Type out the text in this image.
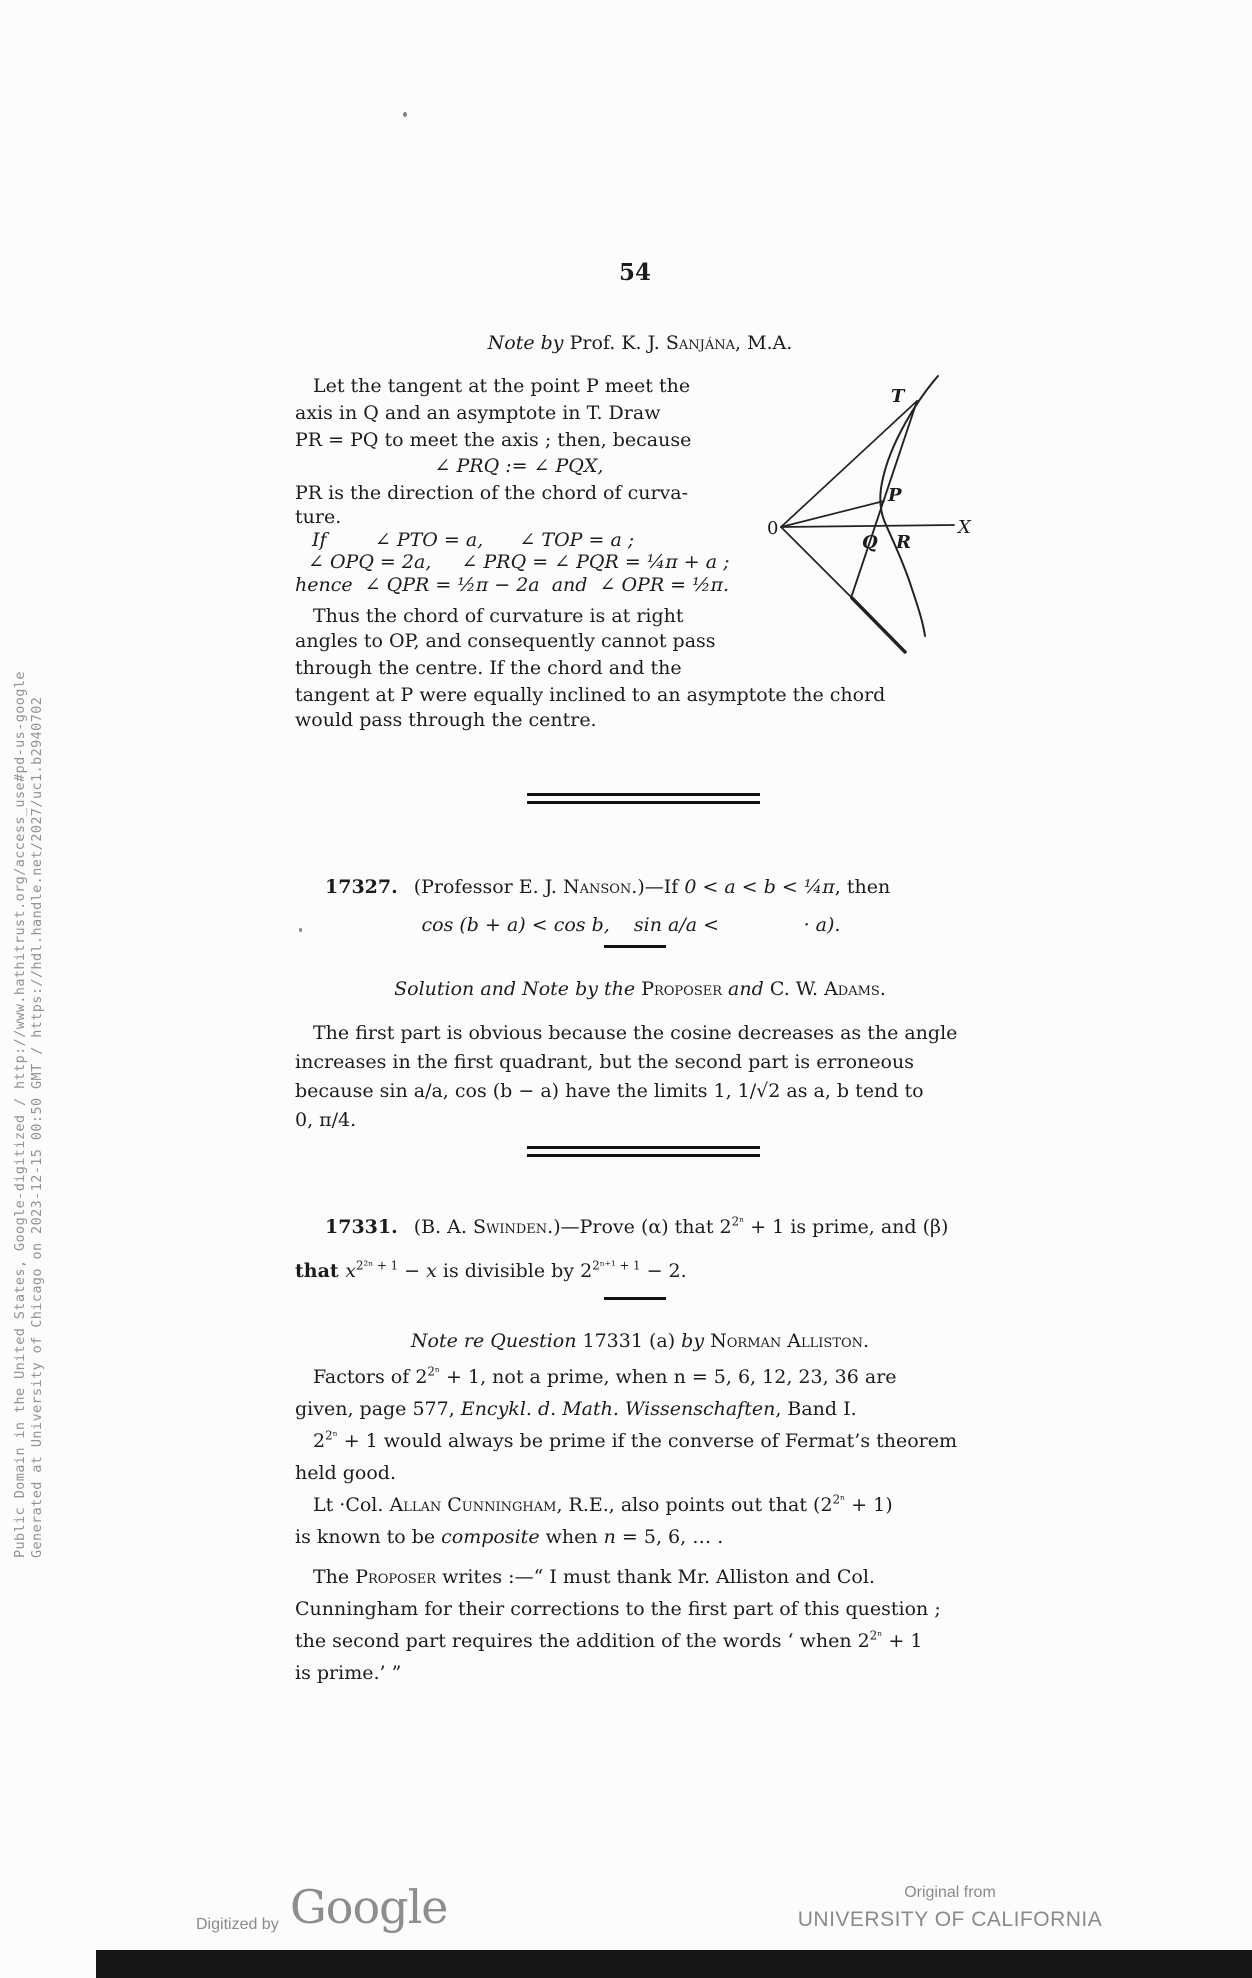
54
Note by Prof. K. J. Sanjána, M.A.
Let the tangent at the point P meet the
axis in Q and an asymptote in T. Draw
PR = PQ to meet the axis ; then, because
∠ PRQ := ∠ PQX,
PR is the direction of the chord of curva-
ture.
If        ∠ PTO = a,      ∠ TOP = a ;
∠ OPQ = 2a,     ∠ PRQ = ∠ PQR = ¼π + a ;
hence  ∠ QPR = ½π − 2a  and  ∠ OPR = ½π.
Thus the chord of curvature is at right
angles to OP, and consequently cannot pass
through the centre. If the chord and the
tangent at P were equally inclined to an asymptote the chord
would pass through the centre.
0	X
T
P
Q R
17327. (Professor E. J. Nanson.)—If 0 < a < b < ¼π, then
cos (b + a) < cos b,    sin a/a <              · a).
Solution and Note by the Proposer and C. W. Adams.
The first part is obvious because the cosine decreases as the angle
increases in the first quadrant, but the second part is erroneous
because sin a/a, cos (b − a) have the limits 1, 1/√2 as a, b tend to
0, π/4.
17331. (B. A. Swinden.)—Prove (α) that $2^{2^n} + 1$ is prime, and (β)
that $x^{2^{2n} + 1} - x$ is divisible by $2^{2^{n+1} + 1} - 2$.
Note re Question 17331 (a) by Norman Alliston.
Factors of $2^{2^n} + 1$, not a prime, when n = 5, 6, 12, 23, 36 are
given, page 577, Encykl. d. Math. Wissenschaften, Band I.
$2^{2^n} + 1$ would always be prime if the converse of Fermat’s theorem
held good.
Lt ·Col. Allan Cunningham, R.E., also points out that $(2^{2^n} + 1)$
is known to be composite when n = 5, 6, … .
The Proposer writes :—“ I must thank Mr. Alliston and Col.
Cunningham for their corrections to the first part of this question ;
the second part requires the addition of the words ‘ when $2^{2^n} + 1$
is prime.’ ”
Public Domain in the United States, Google-digitized / http://www.hathitrust.org/access_use#pd-us-google Generated at University of Chicago on 2023-12-15 00:50 GMT / https://hdl.handle.net/2027/uc1.b2940702
Digitized by Google	Original from
UNIVERSITY OF CALIFORNIA
